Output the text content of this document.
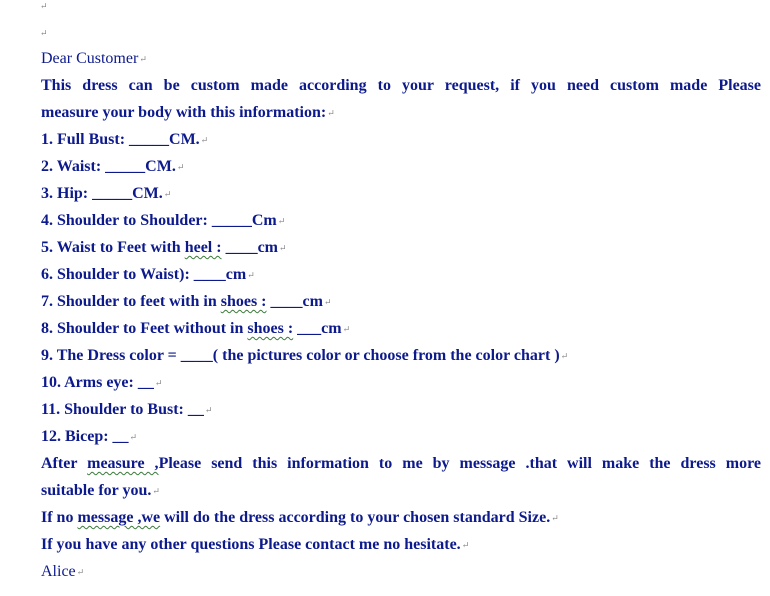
↵
↵
Dear Customer↵
This dress can be custom made according to your request, if you need custom made Please
measure your body with this information:↵
1. Full Bust: _____CM.↵
2. Waist: _____CM.↵
3. Hip: _____CM.↵
4. Shoulder to Shoulder: _____Cm↵
5. Waist to Feet with heel : ____cm↵
6. Shoulder to Waist): ____cm↵
7. Shoulder to feet with in shoes : ____cm↵
8. Shoulder to Feet without in shoes : ___cm↵
9. The Dress color = ____( the pictures color or choose from the color chart )↵
10. Arms eye: __↵
11. Shoulder to Bust: __↵
12. Bicep: __↵
After measure ,Please send this information to me by message .that will make the dress more
suitable for you.↵
If no message ,we will do the dress according to your chosen standard Size.↵
If you have any other questions Please contact me no hesitate.↵
Alice↵
